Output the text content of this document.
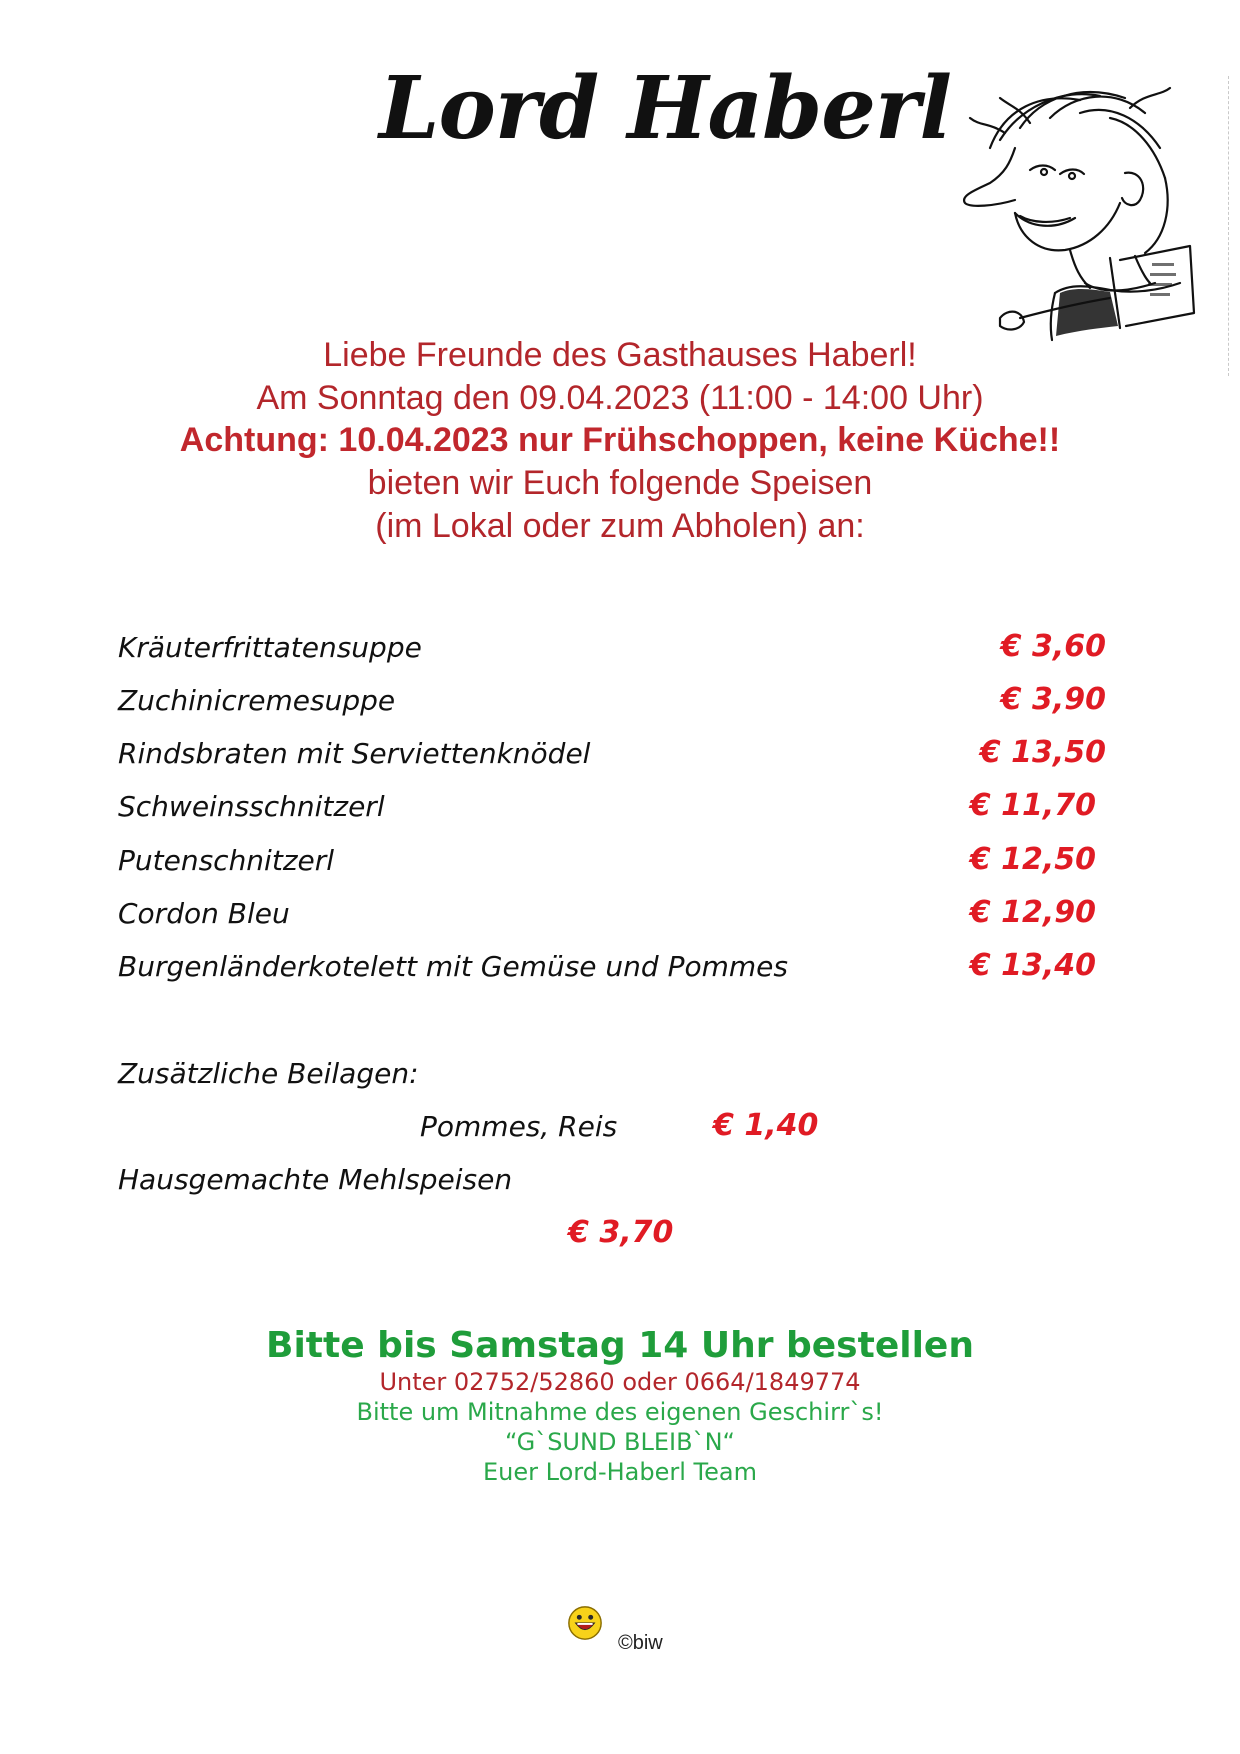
Lord Haberl
Liebe Freunde des Gasthauses Haberl!
Am Sonntag den 09.04.2023 (11:00 - 14:00 Uhr)
Achtung: 10.04.2023 nur Frühschoppen, keine Küche!!
bieten wir Euch folgende Speisen
(im Lokal oder zum Abholen) an:
Kräuterfrittatensuppe	€ 3,60
Zuchinicremesuppe	€ 3,90
Rindsbraten mit Serviettenknödel	€ 13,50
Schweinsschnitzerl	€ 11,70
Putenschnitzerl	€ 12,50
Cordon Bleu	€ 12,90
Burgenländerkotelett mit Gemüse und Pommes	€ 13,40
Zusätzliche Beilagen:
Pommes, Reis	€ 1,40
Hausgemachte Mehlspeisen
€ 3,70
Bitte bis Samstag 14 Uhr bestellen
Unter 02752/52860 oder 0664/1849774
Bitte um Mitnahme des eigenen Geschirr`s!
“G`SUND BLEIB`N“
Euer Lord-Haberl Team
©biw
